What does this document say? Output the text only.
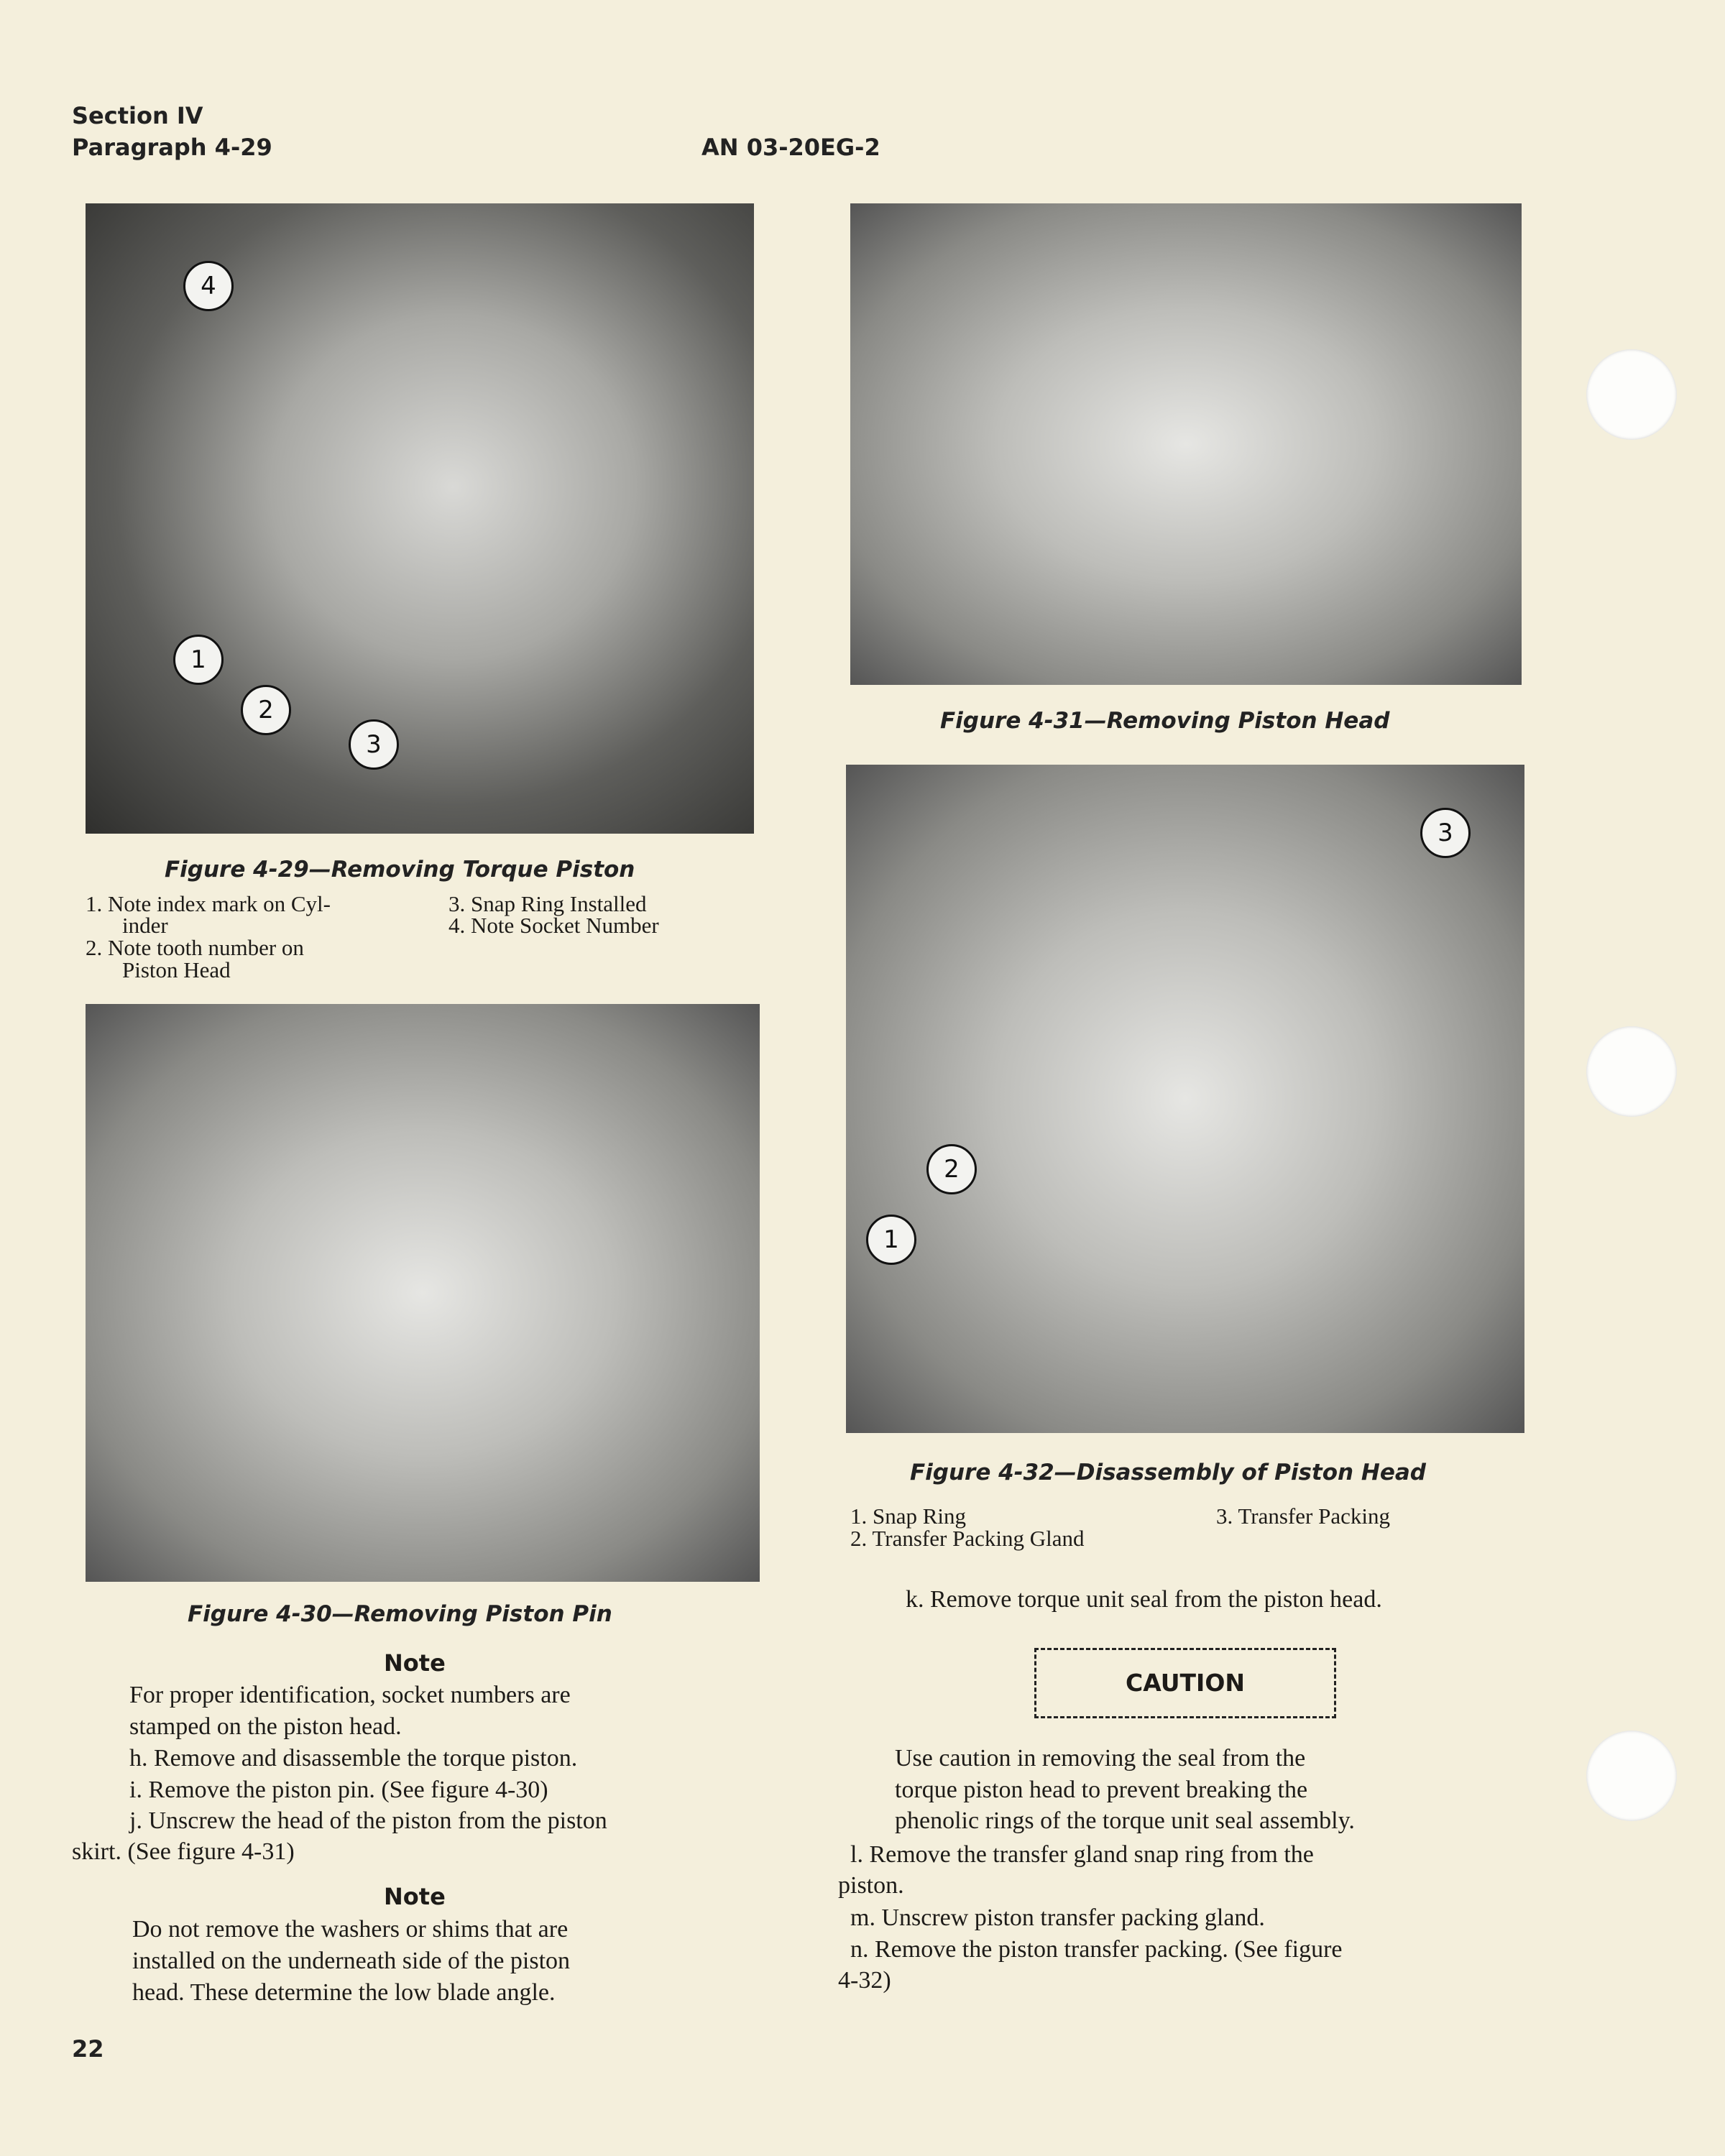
Section IV
Paragraph 4-29	AN 03-20EG-2
4
1
2
3
Figure 4-29—Removing Torque Piston
1. Note index mark on Cyl-
inder
2. Note tooth number on
Piston Head
3. Snap Ring Installed
4. Note Socket Number
Figure 4-30—Removing Piston Pin
Note
For proper identification, socket numbers are
stamped on the piston head.
h. Remove and disassemble the torque piston.
i. Remove the piston pin. (See figure 4-30)
j. Unscrew the head of the piston from the piston
skirt. (See figure 4-31)
Note
Do not remove the washers or shims that are
installed on the underneath side of the piston
head. These determine the low blade angle.
22
Figure 4-31—Removing Piston Head
3
2
1
Figure 4-32—Disassembly of Piston Head
1. Snap Ring
2. Transfer Packing Gland
3. Transfer Packing
k. Remove torque unit seal from the piston head.
CAUTION
Use caution in removing the seal from the
torque piston head to prevent breaking the
phenolic rings of the torque unit seal assembly.
l. Remove the transfer gland snap ring from the
piston.
m. Unscrew piston transfer packing gland.
n. Remove the piston transfer packing. (See figure
4-32)
